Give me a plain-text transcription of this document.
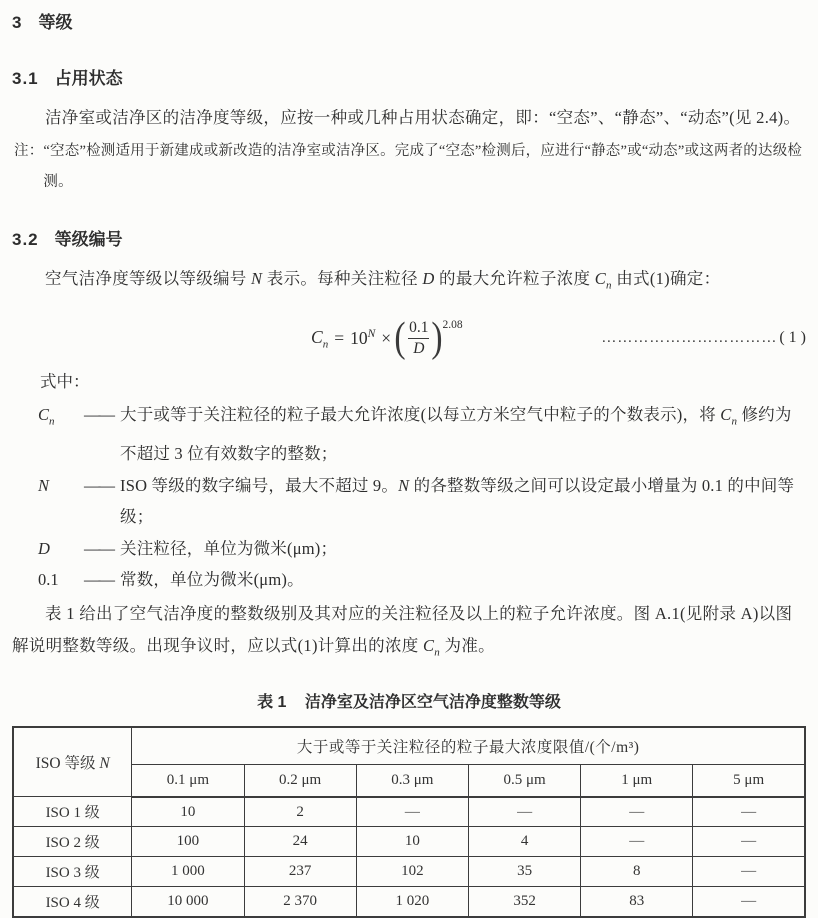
3 等级
3.1 占用状态

洁净室或洁净区的洁净度等级，应按一种或几种占用状态确定，即：“空态”、“静态”、“动态”(见 2.4)。

注： “空态”检测适用于新建成或新改造的洁净室或洁净区。完成了“空态”检测后，应进行“静态”或“动态”或这两者的达级检测。
3.2 等级编号

空气洁净度等级以等级编号 N 表示。每种关注粒径 D 的最大允许粒子浓度 $C_n$ 由式(1)确定：

$C_n = 10^N$ × ( $\frac{0.1}{D} )^{2.08}$
…………………………… ( 1 )
式中：
$C_n$	—— 大于或等于关注粒径的粒子最大允许浓度(以每立方米空气中粒子的个数表示)，将 $C_n$ 修约为不超过 3 位有效数字的整数；
N	—— ISO 等级的数字编号，最大不超过 9。N 的各整数等级之间可以设定最小增量为 0.1 的中间等级；
D	—— 关注粒径，单位为微米(μm)；
0.1	—— 常数，单位为微米(μm)。

表 1 给出了空气洁净度的整数级别及其对应的关注粒径及以上的粒子允许浓度。图 A.1(见附录 A)以图解说明整数等级。出现争议时，应以式(1)计算出的浓度 $C_n$ 为准。

表 1 洁净室及洁净区空气洁净度整数等级
ISO 等级 N	大于或等于关注粒径的粒子最大浓度限值/(个/m³)					
	0.1 μm	0.2 μm	0.3 μm	0.5 μm	1 μm	5 μm
ISO 1 级	10	2	—	—	—	—
ISO 2 级	100	24	10	4	—	—
ISO 3 级	1 000	237	102	35	8	—
ISO 4 级	10 000	2 370	1 020	352	83	—
